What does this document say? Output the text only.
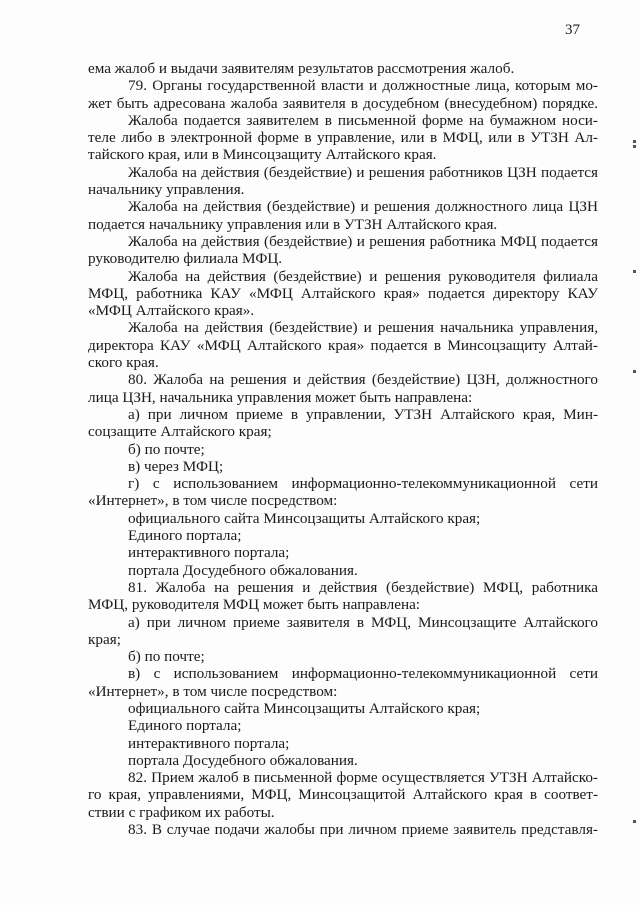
37
ема жалоб и выдачи заявителям результатов рассмотрения жалоб.
79. Органы государственной власти и должностные лица, которым мо-
жет быть адресована жалоба заявителя в досудебном (внесудебном) порядке.
Жалоба подается заявителем в письменной форме на бумажном носи-
теле либо в электронной форме в управление, или в МФЦ, или в УТЗН Ал-
тайского края, или в Минсоцзащиту Алтайского края.
Жалоба на действия (бездействие) и решения работников ЦЗН подается
начальнику управления.
Жалоба на действия (бездействие) и решения должностного лица ЦЗН
подается начальнику управления или в УТЗН Алтайского края.
Жалоба на действия (бездействие) и решения работника МФЦ подается
руководителю филиала МФЦ.
Жалоба на действия (бездействие) и решения руководителя филиала
МФЦ, работника КАУ «МФЦ Алтайского края» подается директору КАУ
«МФЦ Алтайского края».
Жалоба на действия (бездействие) и решения начальника управления,
директора КАУ «МФЦ Алтайского края» подается в Минсоцзащиту Алтай-
ского края.
80. Жалоба на решения и действия (бездействие) ЦЗН, должностного
лица ЦЗН, начальника управления может быть направлена:
а) при личном приеме в управлении, УТЗН Алтайского края, Мин-
соцзащите Алтайского края;
б) по почте;
в) через МФЦ;
г) с использованием информационно-телекоммуникационной сети
«Интернет», в том числе посредством:
официального сайта Минсоцзащиты Алтайского края;
Единого портала;
интерактивного портала;
портала Досудебного обжалования.
81. Жалоба на решения и действия (бездействие) МФЦ, работника
МФЦ, руководителя МФЦ может быть направлена:
а) при личном приеме заявителя в МФЦ, Минсоцзащите Алтайского
края;
б) по почте;
в) с использованием информационно-телекоммуникационной сети
«Интернет», в том числе посредством:
официального сайта Минсоцзащиты Алтайского края;
Единого портала;
интерактивного портала;
портала Досудебного обжалования.
82. Прием жалоб в письменной форме осуществляется УТЗН Алтайско-
го края, управлениями, МФЦ, Минсоцзащитой Алтайского края в соответ-
ствии с графиком их работы.
83. В случае подачи жалобы при личном приеме заявитель представля-
